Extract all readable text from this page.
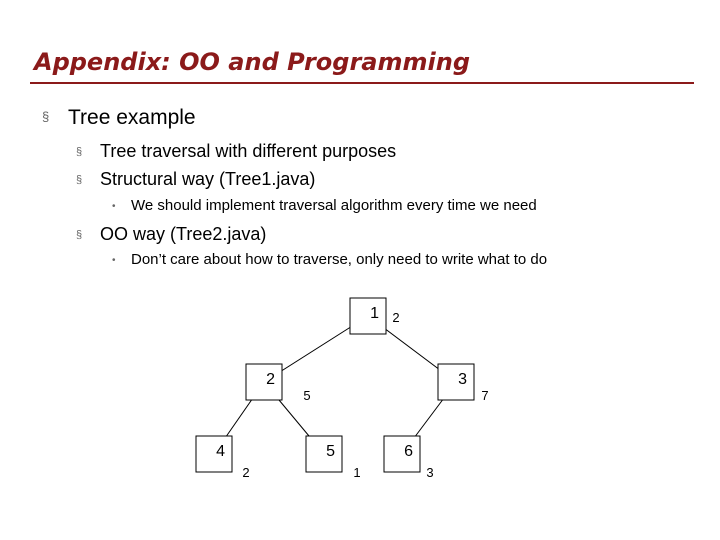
Appendix: OO and Programming
§ Tree example
§ Tree traversal with different purposes
§ Structural way (Tree1.java)
• We should implement traversal algorithm every time we need
§ OO way (Tree2.java)
• Don’t care about how to traverse, only need to write what to do
1 2
2
5
3
7
4
2
5
1
6
3
